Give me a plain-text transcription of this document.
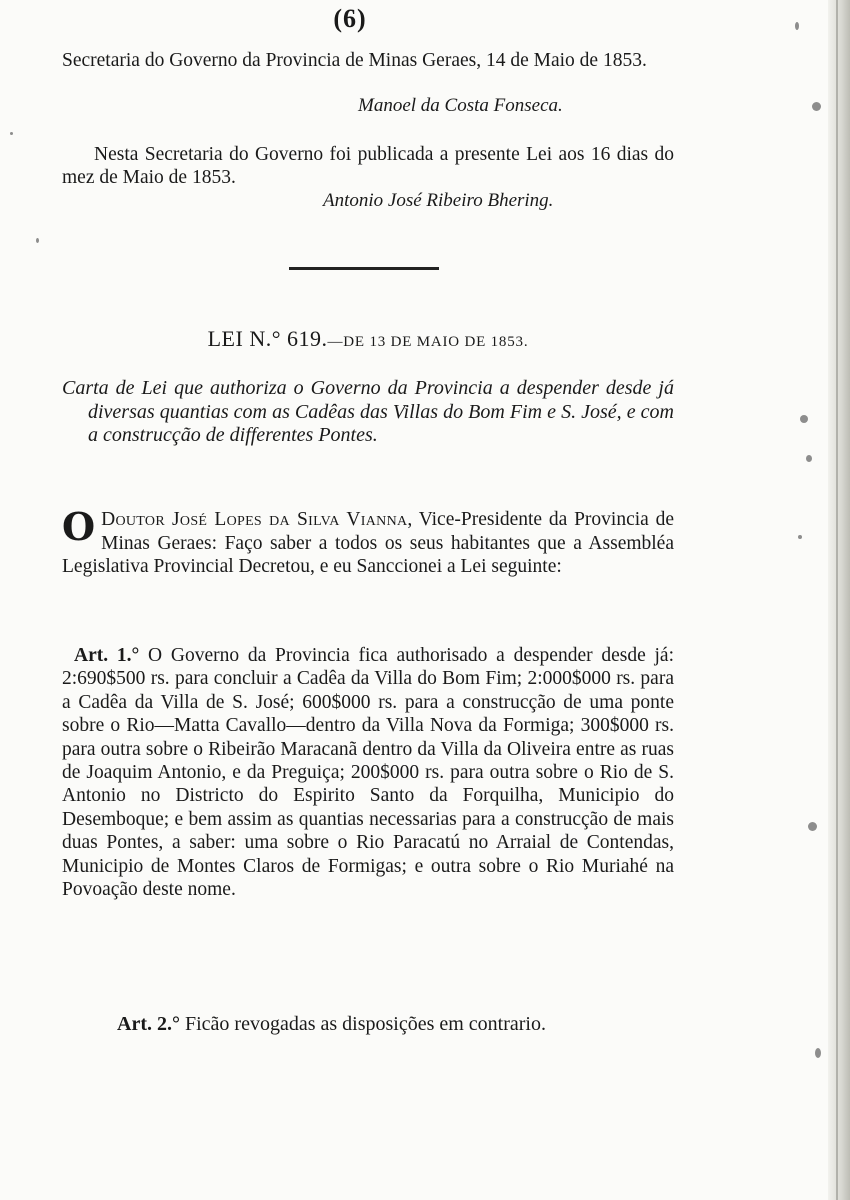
(6)
Secretaria do Governo da Provincia de Minas Geraes, 14 de Maio de 1853.
Manoel da Costa Fonseca.
Nesta Secretaria do Governo foi publicada a presente Lei aos 16 dias do mez de Maio de 1853.
Antonio José Ribeiro Bhering.
LEI N.° 619.—DE 13 DE MAIO DE 1853.
Carta de Lei que authoriza o Governo da Provincia a despender desde já diversas quantias com as Cadêas das Villas do Bom Fim e S. José, e com a construcção de differentes Pontes.
O Doutor José Lopes da Silva Vianna, Vice-Presidente da Provincia de Minas Geraes: Faço saber a todos os seus habitantes que a Assembléa Legislativa Provincial Decretou, e eu Sanccionei a Lei seguinte:
Art. 1.° O Governo da Provincia fica authorisado a despender desde já: 2:690$500 rs. para concluir a Cadêa da Villa do Bom Fim; 2:000$000 rs. para a Cadêa da Villa de S. José; 600$000 rs. para a construcção de uma ponte sobre o Rio—Matta Cavallo—dentro da Villa Nova da Formiga; 300$000 rs. para outra sobre o Ribeirão Maracanã dentro da Villa da Oliveira entre as ruas de Joaquim Antonio, e da Preguiça; 200$000 rs. para outra sobre o Rio de S. Antonio no Districto do Espirito Santo da Forquilha, Municipio do Desemboque; e bem assim as quantias necessarias para a construcção de mais duas Pontes, a saber: uma sobre o Rio Paracatú no Arraial de Contendas, Municipio de Montes Claros de Formigas; e outra sobre o Rio Muriahé na Povoação deste nome.
Art. 2.° Ficão revogadas as disposições em contrario.
